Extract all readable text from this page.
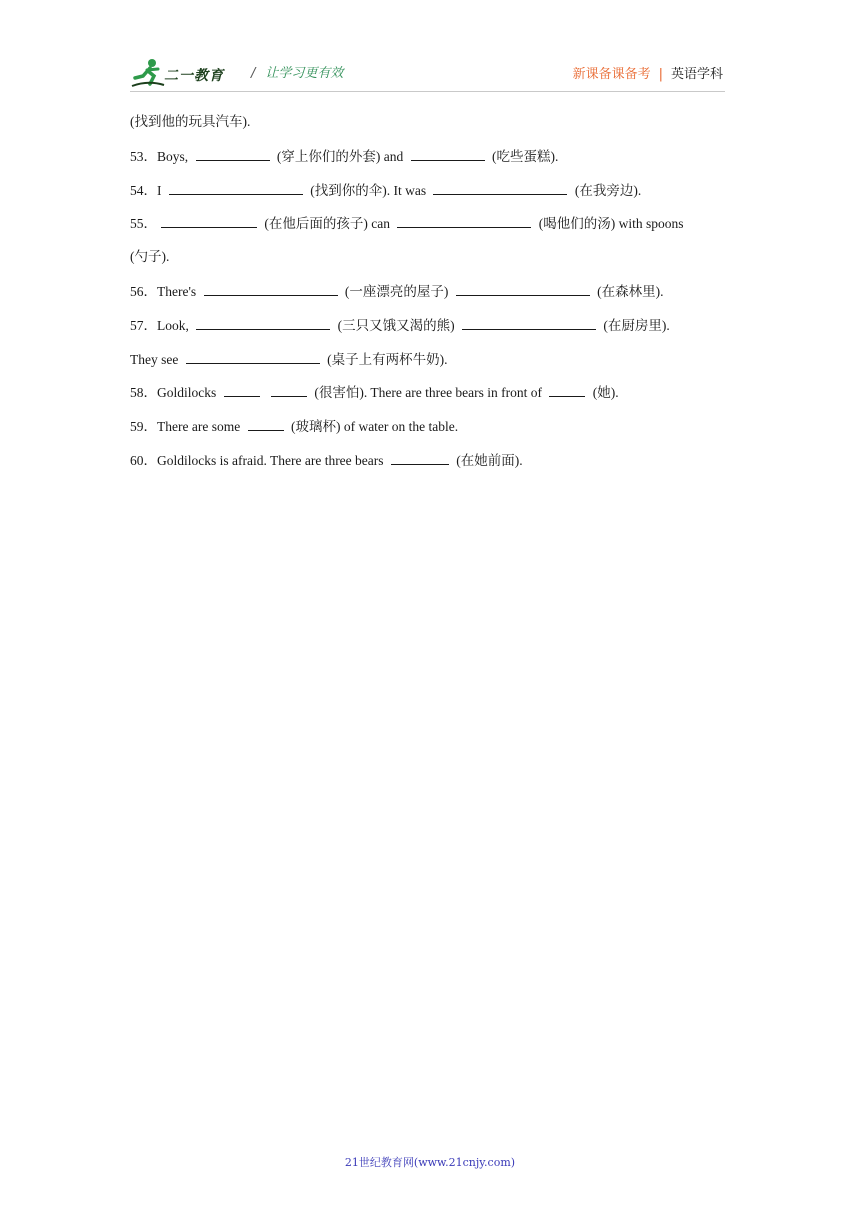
二一教育 / 让学习更有效	新课备课备考 | 英语学科
(找到他的玩具汽车).
53．Boys,	(穿上你们的外套) and	(吃些蛋糕).
54．I	(找到你的伞). It was	(在我旁边).
55．	(在他后面的孩子) can	(喝他们的汤) with spoons
(勺子).
56．There's	(一座漂亮的屋子)	(在森林里).
57．Look,	(三只又饿又渴的熊)	(在厨房里).
They see	(桌子上有两杯牛奶).
58．Goldilocks	(很害怕). There are three bears in front of	(她).
59．There are some	(玻璃杯) of water on the table.
60．Goldilocks is afraid. There are three bears	(在她前面).
21世纪教育网(www.21cnjy.com)
